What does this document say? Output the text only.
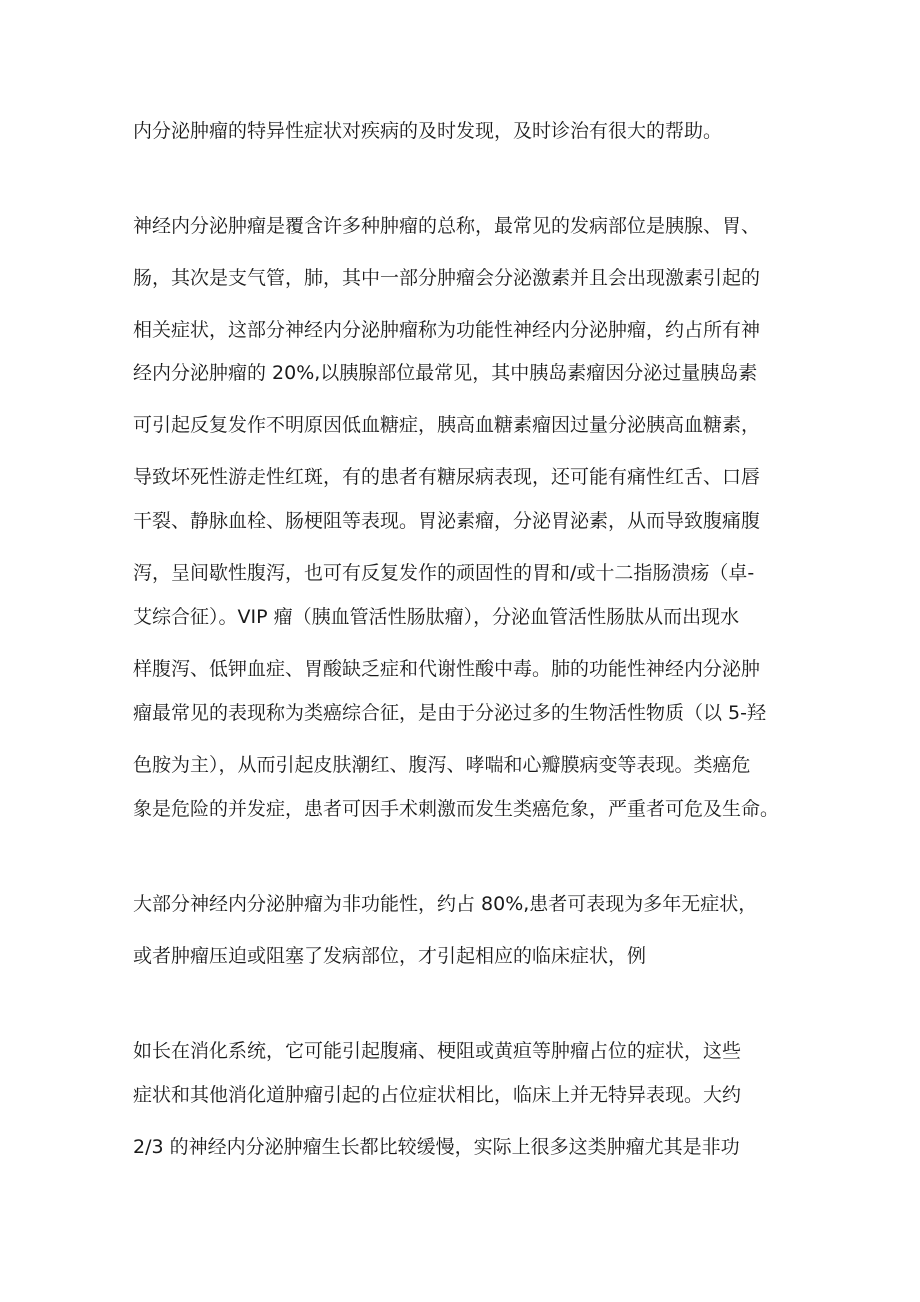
内分泌肿瘤的特异性症状对疾病的及时发现，及时诊治有很大的帮助。
神经内分泌肿瘤是覆含许多种肿瘤的总称，最常见的发病部位是胰腺、胃、
肠，其次是支气管，肺，其中一部分肿瘤会分泌激素并且会出现激素引起的
相关症状，这部分神经内分泌肿瘤称为功能性神经内分泌肿瘤，约占所有神
经内分泌肿瘤的 20%,以胰腺部位最常见，其中胰岛素瘤因分泌过量胰岛素
可引起反复发作不明原因低血糖症，胰高血糖素瘤因过量分泌胰高血糖素，
导致坏死性游走性红斑，有的患者有糖尿病表现，还可能有痛性红舌、口唇
干裂、静脉血栓、肠梗阻等表现。胃泌素瘤，分泌胃泌素，从而导致腹痛腹
泻，呈间歇性腹泻，也可有反复发作的顽固性的胃和/或十二指肠溃疡（卓-
艾综合征）。VIP 瘤（胰血管活性肠肽瘤），分泌血管活性肠肽从而出现水
样腹泻、低钾血症、胃酸缺乏症和代谢性酸中毒。肺的功能性神经内分泌肿
瘤最常见的表现称为类癌综合征，是由于分泌过多的生物活性物质（以 5-羟
色胺为主），从而引起皮肤潮红、腹泻、哮喘和心瓣膜病变等表现。类癌危
象是危险的并发症，患者可因手术刺激而发生类癌危象，严重者可危及生命。
大部分神经内分泌肿瘤为非功能性，约占 80%,患者可表现为多年无症状，
或者肿瘤压迫或阻塞了发病部位，才引起相应的临床症状，例
如长在消化系统，它可能引起腹痛、梗阻或黄疸等肿瘤占位的症状，这些
症状和其他消化道肿瘤引起的占位症状相比，临床上并无特异表现。大约
2/3 的神经内分泌肿瘤生长都比较缓慢，实际上很多这类肿瘤尤其是非功
